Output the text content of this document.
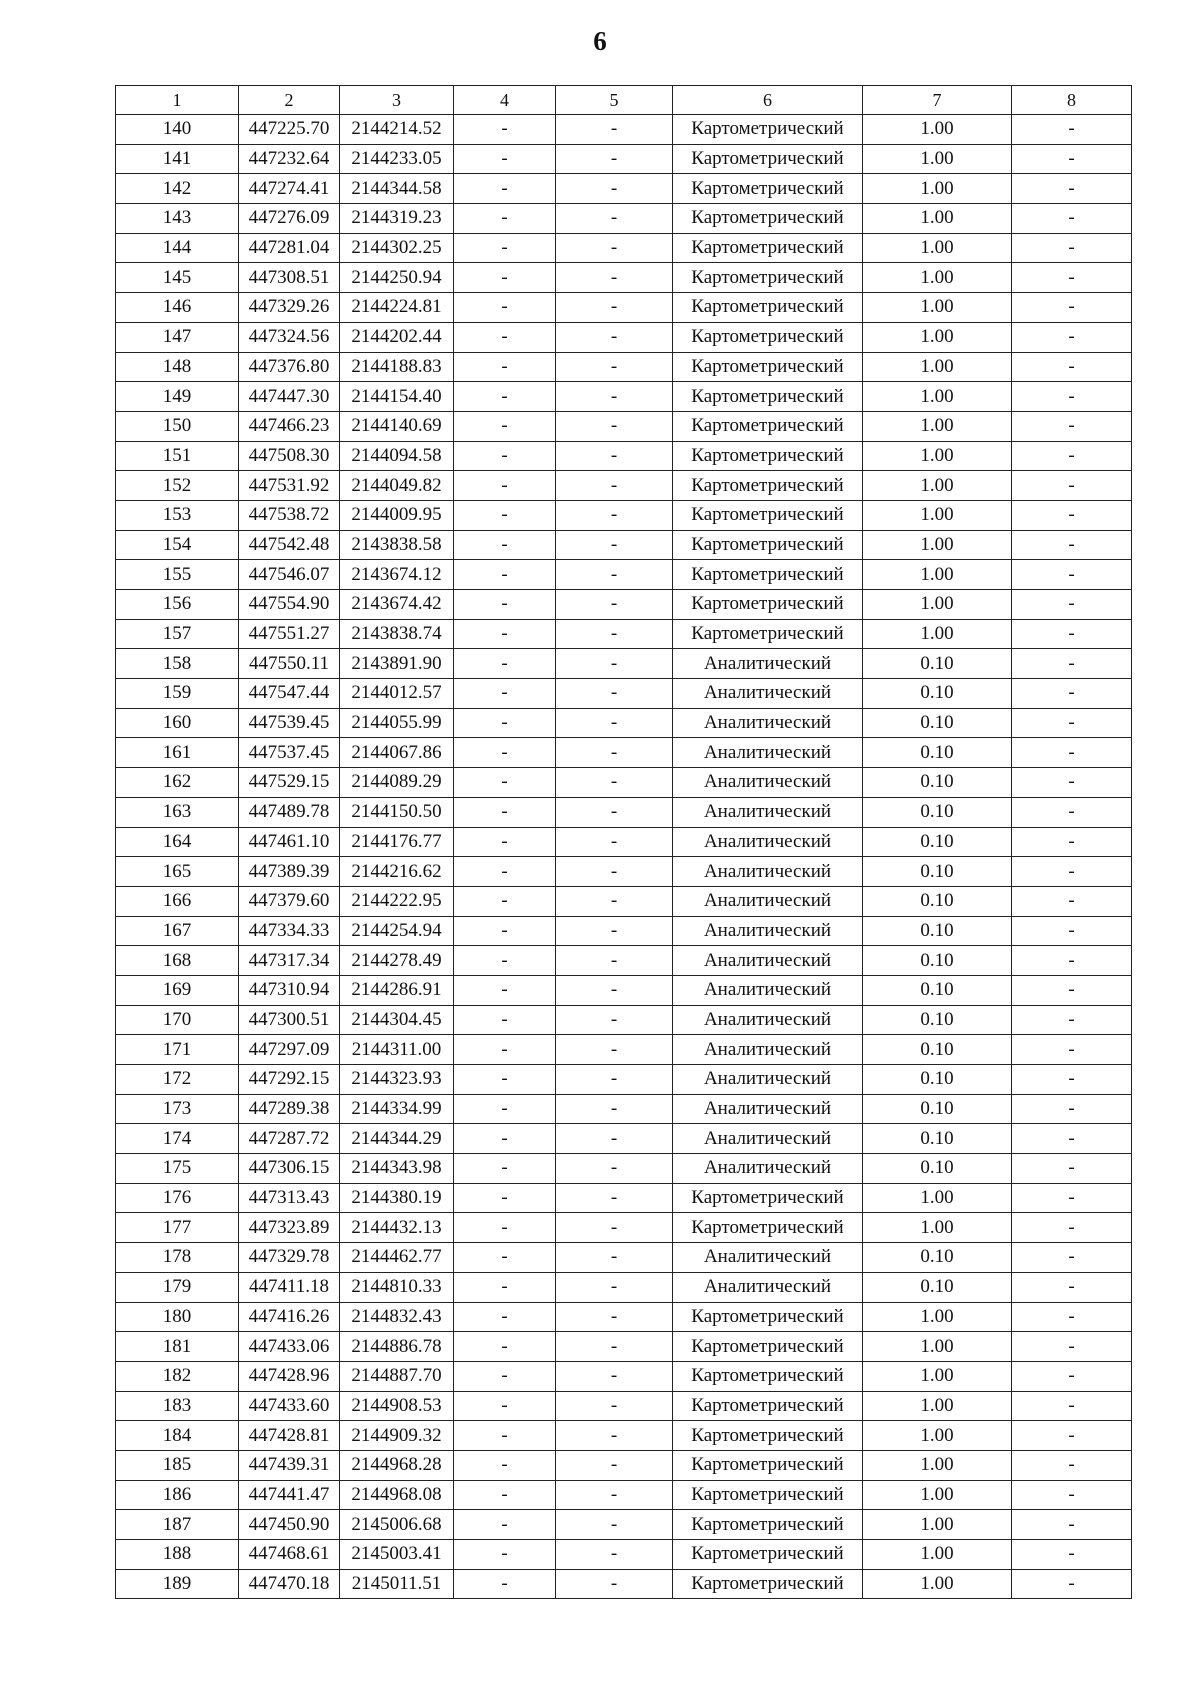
6
1	2	3	4	5	6	7	8
140	447225.70	2144214.52	-	-	Картометрический	1.00	-
141	447232.64	2144233.05	-	-	Картометрический	1.00	-
142	447274.41	2144344.58	-	-	Картометрический	1.00	-
143	447276.09	2144319.23	-	-	Картометрический	1.00	-
144	447281.04	2144302.25	-	-	Картометрический	1.00	-
145	447308.51	2144250.94	-	-	Картометрический	1.00	-
146	447329.26	2144224.81	-	-	Картометрический	1.00	-
147	447324.56	2144202.44	-	-	Картометрический	1.00	-
148	447376.80	2144188.83	-	-	Картометрический	1.00	-
149	447447.30	2144154.40	-	-	Картометрический	1.00	-
150	447466.23	2144140.69	-	-	Картометрический	1.00	-
151	447508.30	2144094.58	-	-	Картометрический	1.00	-
152	447531.92	2144049.82	-	-	Картометрический	1.00	-
153	447538.72	2144009.95	-	-	Картометрический	1.00	-
154	447542.48	2143838.58	-	-	Картометрический	1.00	-
155	447546.07	2143674.12	-	-	Картометрический	1.00	-
156	447554.90	2143674.42	-	-	Картометрический	1.00	-
157	447551.27	2143838.74	-	-	Картометрический	1.00	-
158	447550.11	2143891.90	-	-	Аналитический	0.10	-
159	447547.44	2144012.57	-	-	Аналитический	0.10	-
160	447539.45	2144055.99	-	-	Аналитический	0.10	-
161	447537.45	2144067.86	-	-	Аналитический	0.10	-
162	447529.15	2144089.29	-	-	Аналитический	0.10	-
163	447489.78	2144150.50	-	-	Аналитический	0.10	-
164	447461.10	2144176.77	-	-	Аналитический	0.10	-
165	447389.39	2144216.62	-	-	Аналитический	0.10	-
166	447379.60	2144222.95	-	-	Аналитический	0.10	-
167	447334.33	2144254.94	-	-	Аналитический	0.10	-
168	447317.34	2144278.49	-	-	Аналитический	0.10	-
169	447310.94	2144286.91	-	-	Аналитический	0.10	-
170	447300.51	2144304.45	-	-	Аналитический	0.10	-
171	447297.09	2144311.00	-	-	Аналитический	0.10	-
172	447292.15	2144323.93	-	-	Аналитический	0.10	-
173	447289.38	2144334.99	-	-	Аналитический	0.10	-
174	447287.72	2144344.29	-	-	Аналитический	0.10	-
175	447306.15	2144343.98	-	-	Аналитический	0.10	-
176	447313.43	2144380.19	-	-	Картометрический	1.00	-
177	447323.89	2144432.13	-	-	Картометрический	1.00	-
178	447329.78	2144462.77	-	-	Аналитический	0.10	-
179	447411.18	2144810.33	-	-	Аналитический	0.10	-
180	447416.26	2144832.43	-	-	Картометрический	1.00	-
181	447433.06	2144886.78	-	-	Картометрический	1.00	-
182	447428.96	2144887.70	-	-	Картометрический	1.00	-
183	447433.60	2144908.53	-	-	Картометрический	1.00	-
184	447428.81	2144909.32	-	-	Картометрический	1.00	-
185	447439.31	2144968.28	-	-	Картометрический	1.00	-
186	447441.47	2144968.08	-	-	Картометрический	1.00	-
187	447450.90	2145006.68	-	-	Картометрический	1.00	-
188	447468.61	2145003.41	-	-	Картометрический	1.00	-
189	447470.18	2145011.51	-	-	Картометрический	1.00	-
